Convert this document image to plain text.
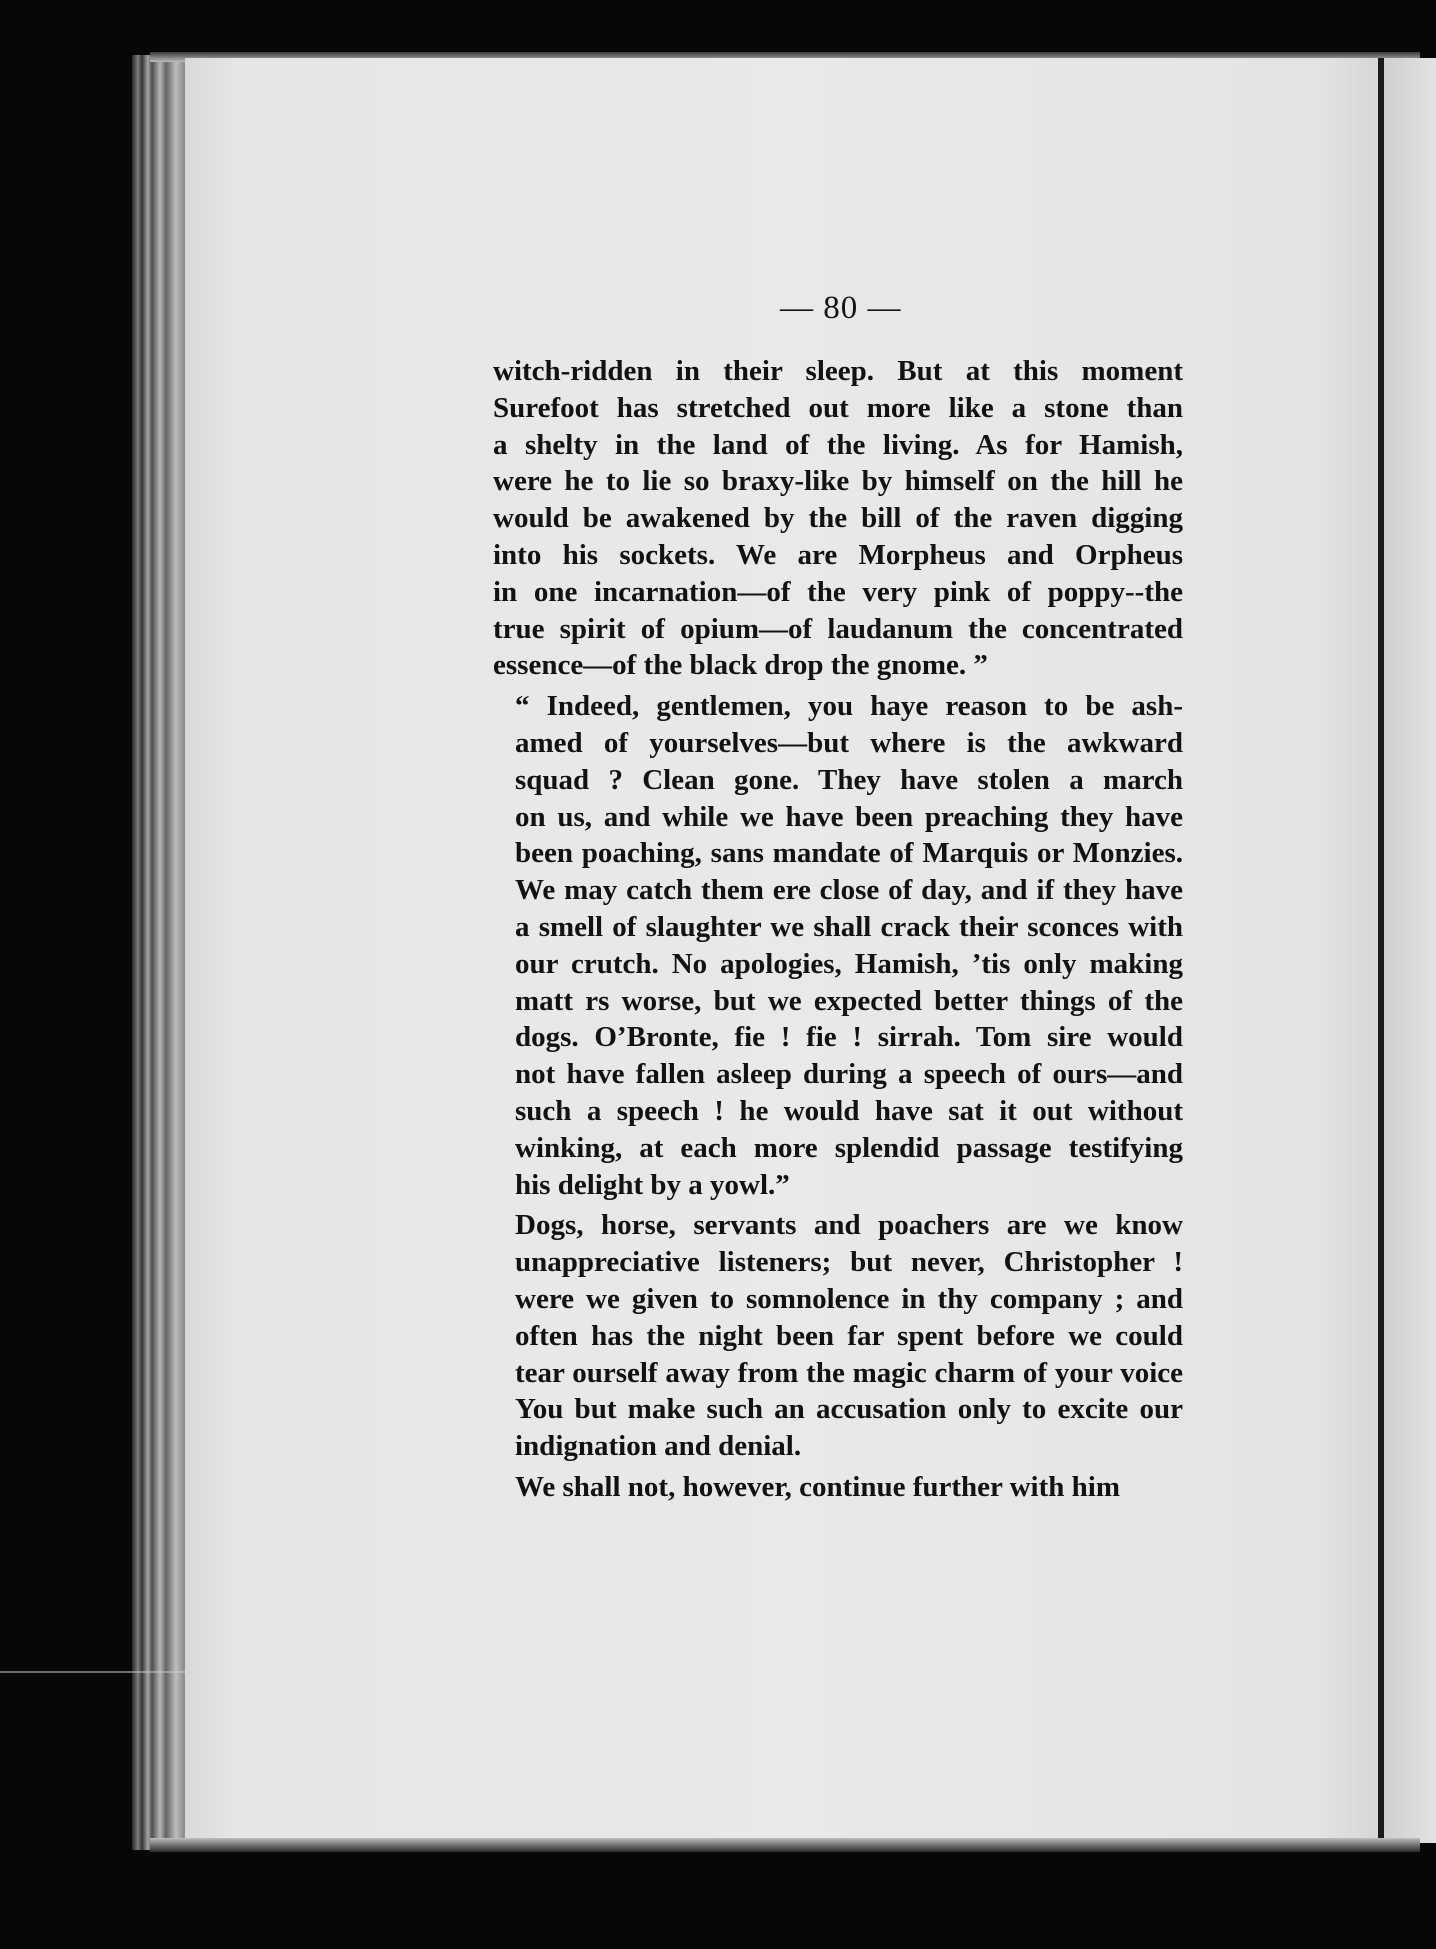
— 80 —

witch-ridden in their sleep. But at this moment
Surefoot has stretched out more like a stone than
a shelty in the land of the living. As for Hamish,
were he to lie so braxy-like by himself on the hill he
would be awakened by the bill of the raven digging
into his sockets. We are Morpheus and Orpheus
in one incarnation—of the very pink of poppy--the
true spirit of opium—of laudanum the concentrated
essence—of the black drop the gnome. ”

“ Indeed, gentlemen, you haye reason to be ash-
amed of yourselves—but where is the awkward
squad ? Clean gone. They have stolen a march
on us, and while we have been preaching they have
been poaching, sans mandate of Marquis or Monzies.
We may catch them ere close of day, and if they have
a smell of slaughter we shall crack their sconces with
our crutch. No apologies, Hamish, ’tis only making
matt rs worse, but we expected better things of the
dogs. O’Bronte, fie ! fie ! sirrah. Tom sire would
not have fallen asleep during a speech of ours—and
such a speech ! he would have sat it out without
winking, at each more splendid passage testifying
his delight by a yowl.”

Dogs, horse, servants and poachers are we know
unappreciative listeners; but never, Christopher !
were we given to somnolence in thy company ; and
often has the night been far spent before we could
tear ourself away from the magic charm of your voice
You but make such an accusation only to excite our
indignation and denial.

We shall not, however, continue further with him
